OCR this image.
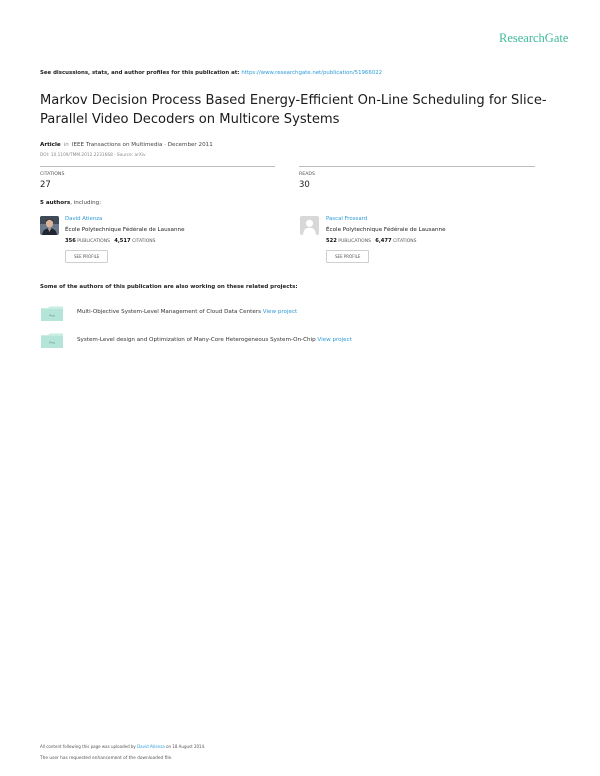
ResearchGate
See discussions, stats, and author profiles for this publication at: https://www.researchgate.net/publication/51966022
Markov Decision Process Based Energy-Efficient On-Line Scheduling for Slice-Parallel Video Decoders on Multicore Systems
Article in IEEE Transactions on Multimedia · December 2011
DOI: 10.1109/TMM.2012.2231668 · Source: arXiv
CITATIONS
27
READS
30
5 authors, including:
David Atienza
École Polytechnique Fédérale de Lausanne
356 PUBLICATIONS 4,517 CITATIONS
SEE PROFILE
Pascal Frossard
École Polytechnique Fédérale de Lausanne
522 PUBLICATIONS 6,477 CITATIONS
SEE PROFILE
Some of the authors of this publication are also working on these related projects:
Proj
Multi-Objective System-Level Management of Cloud Data Centers View project
Proj	System-Level design and Optimization of Many-Core Heterogeneous System-On-Chip View project
All content following this page was uploaded by David Atienza on 18 August 2014.
The user has requested enhancement of the downloaded file.
